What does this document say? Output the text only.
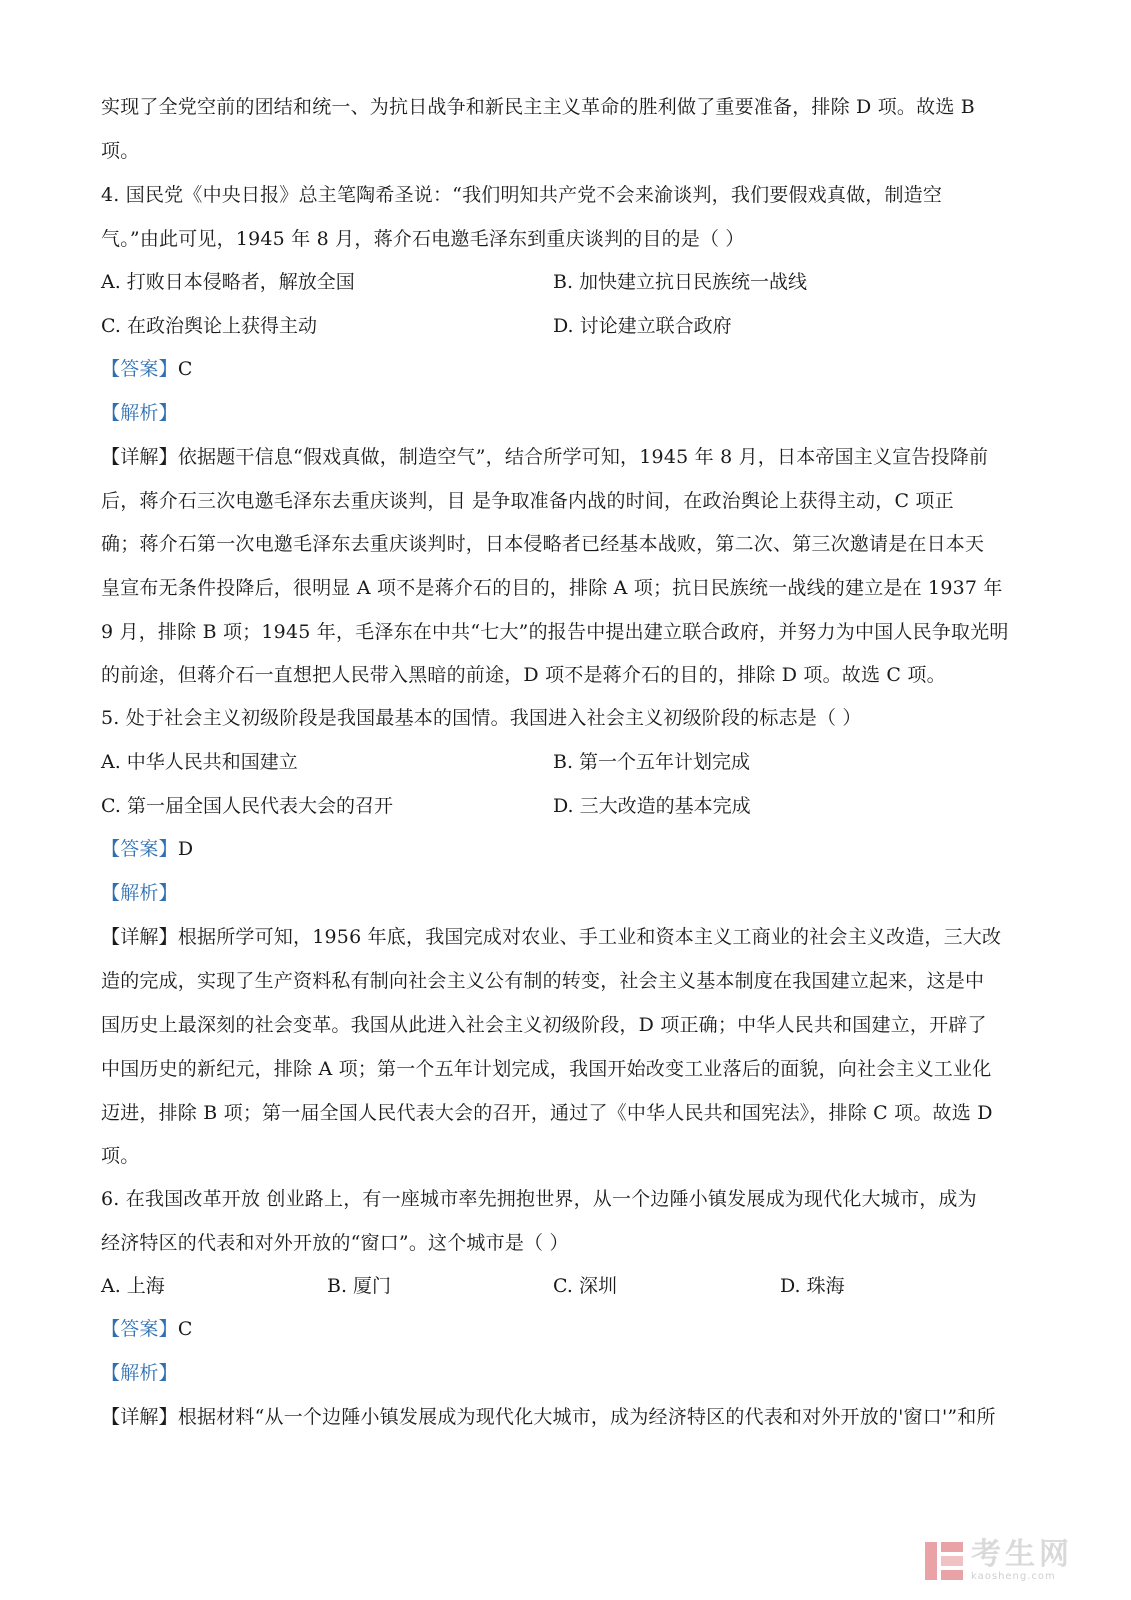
实现了全党空前的团结和统一、为抗日战争和新民主主义革命的胜利做了重要准备，排除 D 项。故选 B
项。
4. 国民党《中央日报》总主笔陶希圣说：“我们明知共产党不会来渝谈判，我们要假戏真做，制造空
气。”由此可见，1945 年 8 月，蒋介石电邀毛泽东到重庆谈判的目的是（ ）
A. 打败日本侵略者，解放全国	B. 加快建立抗日民族统一战线
C. 在政治舆论上获得主动	D. 讨论建立联合政府
【答案】C
【解析】
【详解】依据题干信息“假戏真做，制造空气”，结合所学可知，1945 年 8 月，日本帝国主义宣告投降前
后，蒋介石三次电邀毛泽东去重庆谈判，目 是争取准备内战的时间，在政治舆论上获得主动，C 项正
确；蒋介石第一次电邀毛泽东去重庆谈判时，日本侵略者已经基本战败，第二次、第三次邀请是在日本天
皇宣布无条件投降后，很明显 A 项不是蒋介石的目的，排除 A 项；抗日民族统一战线的建立是在 1937 年
9 月，排除 B 项；1945 年，毛泽东在中共“七大”的报告中提出建立联合政府，并努力为中国人民争取光明
的前途，但蒋介石一直想把人民带入黑暗的前途，D 项不是蒋介石的目的，排除 D 项。故选 C 项。
5. 处于社会主义初级阶段是我国最基本的国情。我国进入社会主义初级阶段的标志是（ ）
A. 中华人民共和国建立	B. 第一个五年计划完成
C. 第一届全国人民代表大会的召开	D. 三大改造的基本完成
【答案】D
【解析】
【详解】根据所学可知，1956 年底，我国完成对农业、手工业和资本主义工商业的社会主义改造，三大改
造的完成，实现了生产资料私有制向社会主义公有制的转变，社会主义基本制度在我国建立起来，这是中
国历史上最深刻的社会变革。我国从此进入社会主义初级阶段，D 项正确；中华人民共和国建立，开辟了
中国历史的新纪元，排除 A 项；第一个五年计划完成，我国开始改变工业落后的面貌，向社会主义工业化
迈进，排除 B 项；第一届全国人民代表大会的召开，通过了《中华人民共和国宪法》，排除 C 项。故选 D
项。
6. 在我国改革开放 创业路上，有一座城市率先拥抱世界，从一个边陲小镇发展成为现代化大城市，成为
经济特区的代表和对外开放的“窗口”。这个城市是（ ）
A. 上海	B. 厦门	C. 深圳	D. 珠海
【答案】C
【解析】
【详解】根据材料“从一个边陲小镇发展成为现代化大城市，成为经济特区的代表和对外开放的'窗口'”和所
考生网
kaosheng.com
